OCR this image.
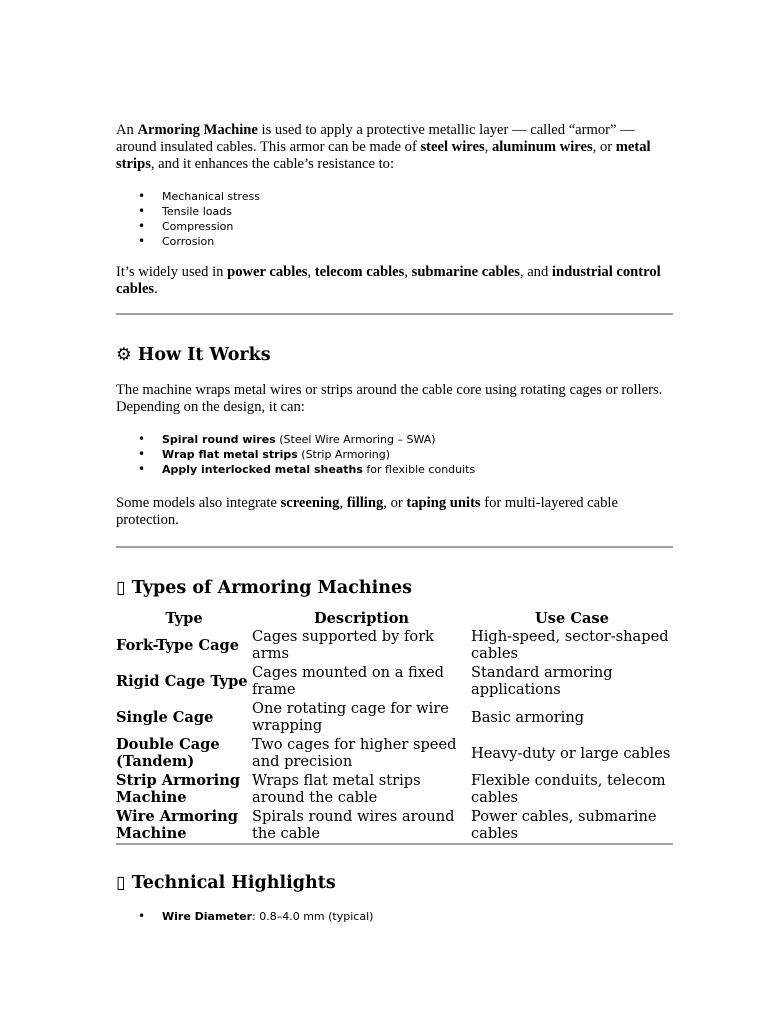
An Armoring Machine is used to apply a protective metallic layer — called “armor” — around insulated cables. This armor can be made of steel wires, aluminum wires, or metal strips, and it enhances the cable’s resistance to:

• Mechanical stress
• Tensile loads
• Compression
• Corrosion

It’s widely used in power cables, telecom cables, submarine cables, and industrial control cables.

⚙ How It Works

The machine wraps metal wires or strips around the cable core using rotating cages or rollers. Depending on the design, it can:

• Spiral round wires (Steel Wire Armoring – SWA)
• Wrap flat metal strips (Strip Armoring)
• Apply interlocked metal sheaths for flexible conduits

Some models also integrate screening, filling, or taping units for multi-layered cable protection.

▯ Types of Armoring Machines
Type	Description	Use Case
Fork-Type Cage	Cages supported by fork arms	High-speed, sector-shaped cables
Rigid Cage Type	Cages mounted on a fixed frame	Standard armoring applications
Single Cage	One rotating cage for wire wrapping	Basic armoring
Double Cage (Tandem)	Two cages for higher speed and precision	Heavy-duty or large cables
Strip Armoring Machine	Wraps flat metal strips around the cable	Flexible conduits, telecom cables
Wire Armoring Machine	Spirals round wires around the cable	Power cables, submarine cables
▯ Technical Highlights
• Wire Diameter: 0.8–4.0 mm (typical)
